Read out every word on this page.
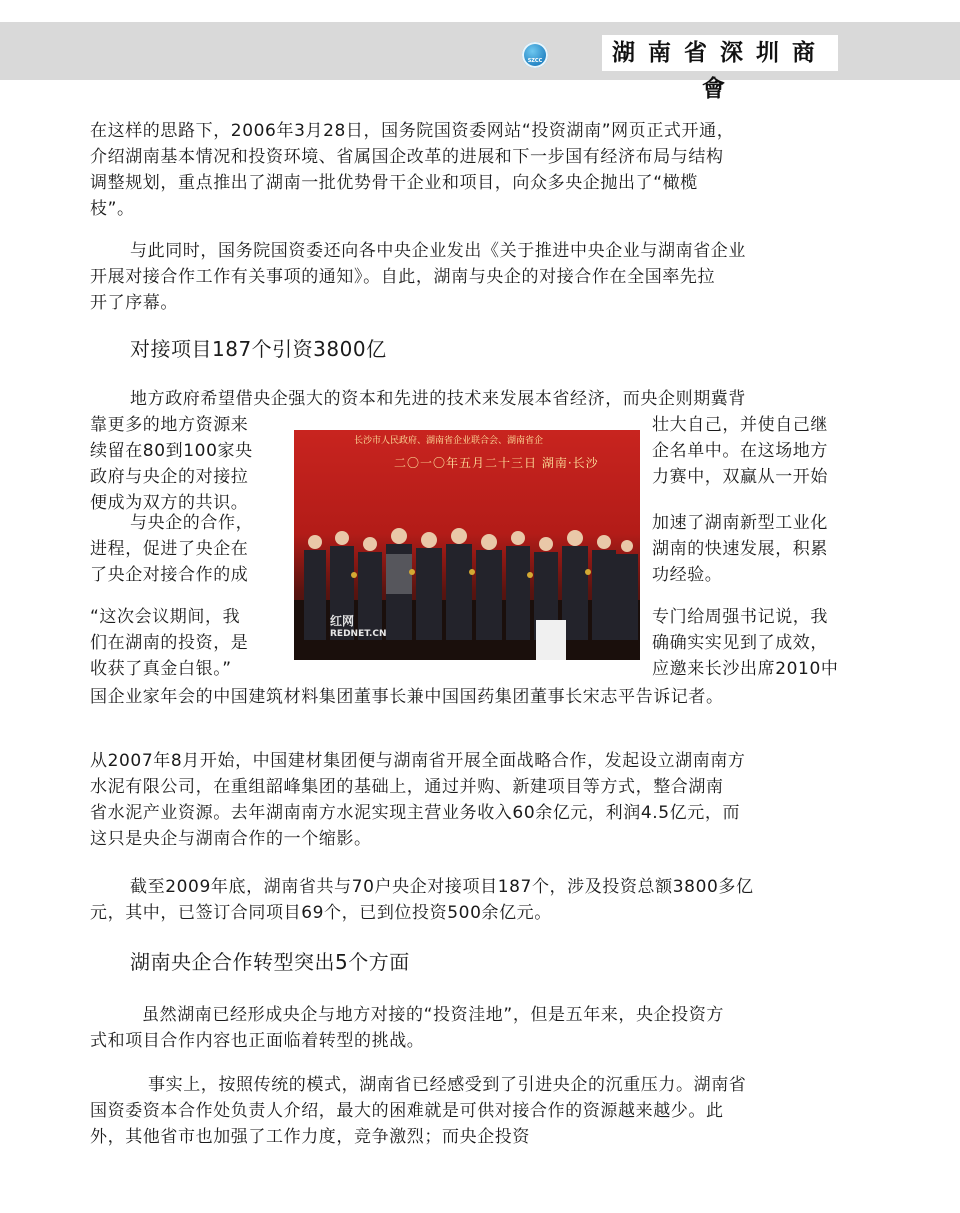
SZCC	湖南省深圳商會

在这样的思路下，2006年3月28日，国务院国资委网站“投资湖南”网页正式开通，

介绍湖南基本情况和投资环境、省属国企改革的进展和下一步国有经济布局与结构

调整规划，重点推出了湖南一批优势骨干企业和项目，向众多央企抛出了“橄榄

枝”。

与此同时，国务院国资委还向各中央企业发出《关于推进中央企业与湖南省企业

开展对接合作工作有关事项的通知》。自此，湖南与央企的对接合作在全国率先拉

开了序幕。

对接项目187个引资3800亿

地方政府希望借央企强大的资本和先进的技术来发展本省经济，而央企则期冀背

靠更多的地方资源来

续留在80到100家央

政府与央企的对接拉

便成为双方的共识。

壮大自己，并使自己继

企名单中。在这场地方

力赛中，双赢从一开始

与央企的合作，

进程，促进了央企在

了央企对接合作的成

加速了湖南新型工业化

湖南的快速发展，积累

功经验。

“这次会议期间，我

们在湖南的投资，是

收获了真金白银。”

专门给周强书记说，我

确确实实见到了成效，

应邀来长沙出席2010中

国企业家年会的中国建筑材料集团董事长兼中国国药集团董事长宋志平告诉记者。

长沙市人民政府、湖南省企业联合会、湖南省企
二〇一〇年五月二十三日 湖南·长沙
红网
REDNET.CN

从2007年8月开始，中国建材集团便与湖南省开展全面战略合作，发起设立湖南南方

水泥有限公司，在重组韶峰集团的基础上，通过并购、新建项目等方式，整合湖南

省水泥产业资源。去年湖南南方水泥实现主营业务收入60余亿元，利润4.5亿元，而

这只是央企与湖南合作的一个缩影。

截至2009年底，湖南省共与70户央企对接项目187个，涉及投资总额3800多亿

元，其中，已签订合同项目69个，已到位投资500余亿元。

湖南央企合作转型突出5个方面

虽然湖南已经形成央企与地方对接的“投资洼地”，但是五年来，央企投资方

式和项目合作内容也正面临着转型的挑战。

事实上，按照传统的模式，湖南省已经感受到了引进央企的沉重压力。湖南省

国资委资本合作处负责人介绍，最大的困难就是可供对接合作的资源越来越少。此

外，其他省市也加强了工作力度，竞争激烈；而央企投资
